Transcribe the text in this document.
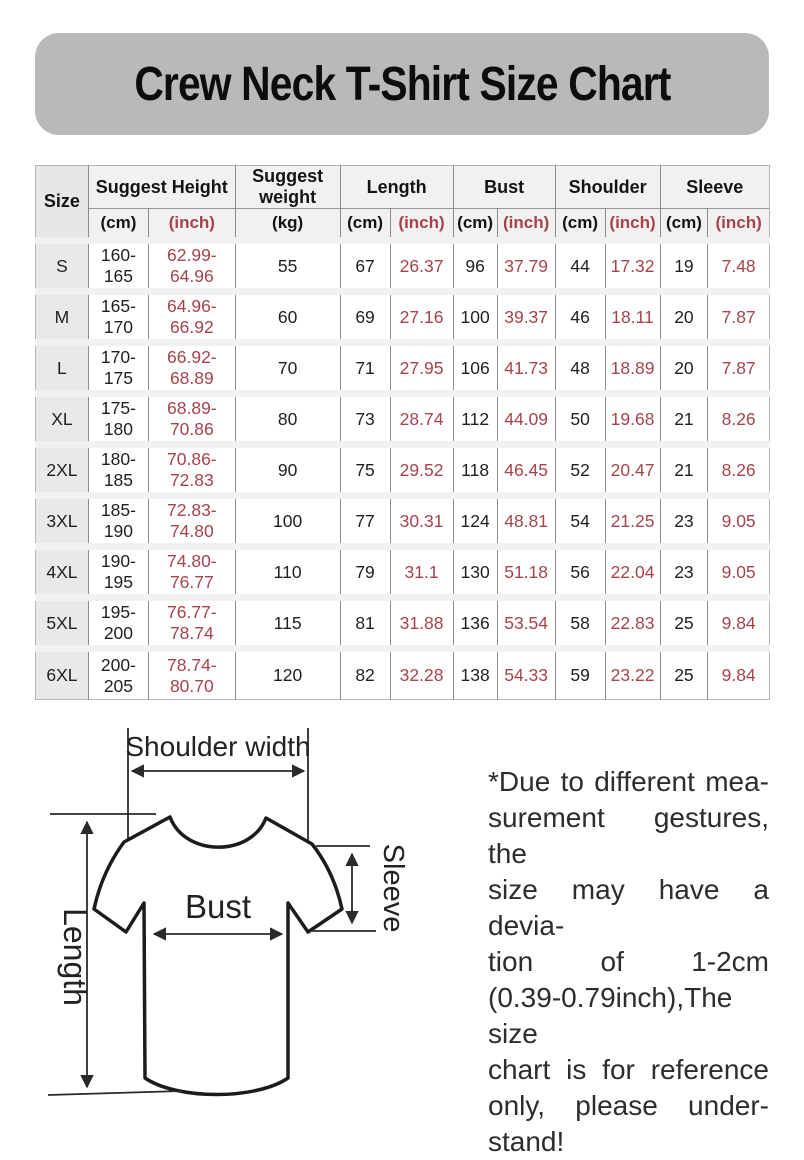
Crew Neck T-Shirt Size Chart
Size	Suggest Height		Suggest weight	Length		Bust		Shoulder		Sleeve	
	(cm)	(inch)	(kg)	(cm)	(inch)	(cm)	(inch)	(cm)	(inch)	(cm)	(inch)
S	160-165	62.99-64.96	55	67	26.37	96	37.79	44	17.32	19	7.48
M	165-170	64.96-66.92	60	69	27.16	100	39.37	46	18.11	20	7.87
L	170-175	66.92-68.89	70	71	27.95	106	41.73	48	18.89	20	7.87
XL	175-180	68.89-70.86	80	73	28.74	112	44.09	50	19.68	21	8.26
2XL	180-185	70.86-72.83	90	75	29.52	118	46.45	52	20.47	21	8.26
3XL	185-190	72.83-74.80	100	77	30.31	124	48.81	54	21.25	23	9.05
4XL	190-195	74.80-76.77	110	79	31.1	130	51.18	56	22.04	23	9.05
5XL	195-200	76.77-78.74	115	81	31.88	136	53.54	58	22.83	25	9.84
6XL	200-205	78.74-80.70	120	82	32.28	138	54.33	59	23.22	25	9.84
Shoulder width
Bust
Length
Sleeve
*Due to different mea-
surement gestures, the
size may have a devia-
tion of 1-2cm
(0.39-0.79inch),The size
chart is for reference
only, please under-
stand!
